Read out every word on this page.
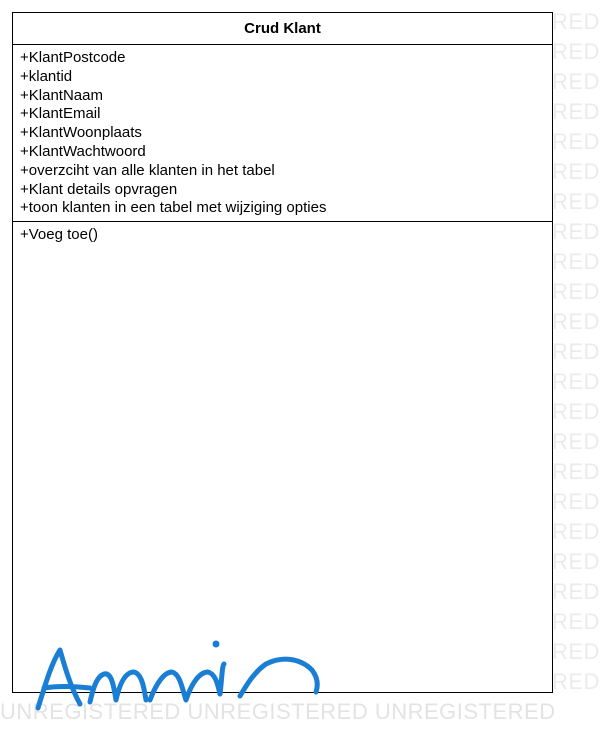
RED
RED
RED
RED
RED
RED
RED
RED
RED
RED
RED
RED
RED
RED
RED
RED
RED
RED
RED
RED
RED
RED
RED
UNREGISTERED UNREGISTERED UNREGISTERED
Crud Klant
+KlantPostcode
+klantid
+KlantNaam
+KlantEmail
+KlantWoonplaats
+KlantWachtwoord
+overzciht van alle klanten in het tabel
+Klant details opvragen
+toon klanten in een tabel met wijziging opties
+Voeg toe()
Amin
